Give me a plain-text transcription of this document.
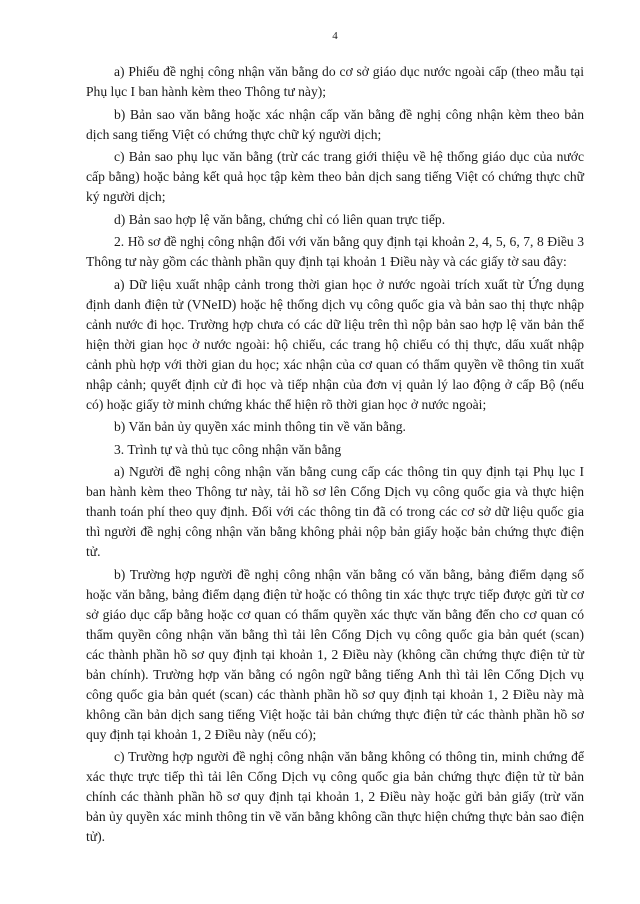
4

a) Phiếu đề nghị công nhận văn bằng do cơ sở giáo dục nước ngoài cấp (theo mẫu tại Phụ lục I ban hành kèm theo Thông tư này);

b) Bản sao văn bằng hoặc xác nhận cấp văn bằng đề nghị công nhận kèm theo bản dịch sang tiếng Việt có chứng thực chữ ký người dịch;

c) Bản sao phụ lục văn bằng (trừ các trang giới thiệu về hệ thống giáo dục của nước cấp bằng) hoặc bảng kết quả học tập kèm theo bản dịch sang tiếng Việt có chứng thực chữ ký người dịch;

d) Bản sao hợp lệ văn bằng, chứng chỉ có liên quan trực tiếp.

2. Hồ sơ đề nghị công nhận đối với văn bằng quy định tại khoản 2, 4, 5, 6, 7, 8 Điều 3 Thông tư này gồm các thành phần quy định tại khoản 1 Điều này và các giấy tờ sau đây:

a) Dữ liệu xuất nhập cảnh trong thời gian học ở nước ngoài trích xuất từ Ứng dụng định danh điện tử (VNeID) hoặc hệ thống dịch vụ công quốc gia và bản sao thị thực nhập cảnh nước đi học. Trường hợp chưa có các dữ liệu trên thì nộp bản sao hợp lệ văn bản thể hiện thời gian học ở nước ngoài: hộ chiếu, các trang hộ chiếu có thị thực, dấu xuất nhập cảnh phù hợp với thời gian du học; xác nhận của cơ quan có thẩm quyền về thông tin xuất nhập cảnh; quyết định cử đi học và tiếp nhận của đơn vị quản lý lao động ở cấp Bộ (nếu có) hoặc giấy tờ minh chứng khác thể hiện rõ thời gian học ở nước ngoài;

b) Văn bản ủy quyền xác minh thông tin về văn bằng.

3. Trình tự và thủ tục công nhận văn bằng

a) Người đề nghị công nhận văn bằng cung cấp các thông tin quy định tại Phụ lục I ban hành kèm theo Thông tư này, tải hồ sơ lên Cổng Dịch vụ công quốc gia và thực hiện thanh toán phí theo quy định. Đối với các thông tin đã có trong các cơ sở dữ liệu quốc gia thì người đề nghị công nhận văn bằng không phải nộp bản giấy hoặc bản chứng thực điện tử.

b) Trường hợp người đề nghị công nhận văn bằng có văn bằng, bảng điểm dạng số hoặc văn bằng, bảng điểm dạng điện tử hoặc có thông tin xác thực trực tiếp được gửi từ cơ sở giáo dục cấp bằng hoặc cơ quan có thẩm quyền xác thực văn bằng đến cho cơ quan có thẩm quyền công nhận văn bằng thì tải lên Cổng Dịch vụ công quốc gia bản quét (scan) các thành phần hồ sơ quy định tại khoản 1, 2 Điều này (không cần chứng thực điện tử từ bản chính). Trường hợp văn bằng có ngôn ngữ bằng tiếng Anh thì tải lên Cổng Dịch vụ công quốc gia bản quét (scan) các thành phần hồ sơ quy định tại khoản 1, 2 Điều này mà không cần bản dịch sang tiếng Việt hoặc tải bản chứng thực điện tử các thành phần hồ sơ quy định tại khoản 1, 2 Điều này (nếu có);

c) Trường hợp người đề nghị công nhận văn bằng không có thông tin, minh chứng để xác thực trực tiếp thì tải lên Cổng Dịch vụ công quốc gia bản chứng thực điện tử từ bản chính các thành phần hồ sơ quy định tại khoản 1, 2 Điều này hoặc gửi bản giấy (trừ văn bản ủy quyền xác minh thông tin về văn bằng không cần thực hiện chứng thực bản sao điện tử).
